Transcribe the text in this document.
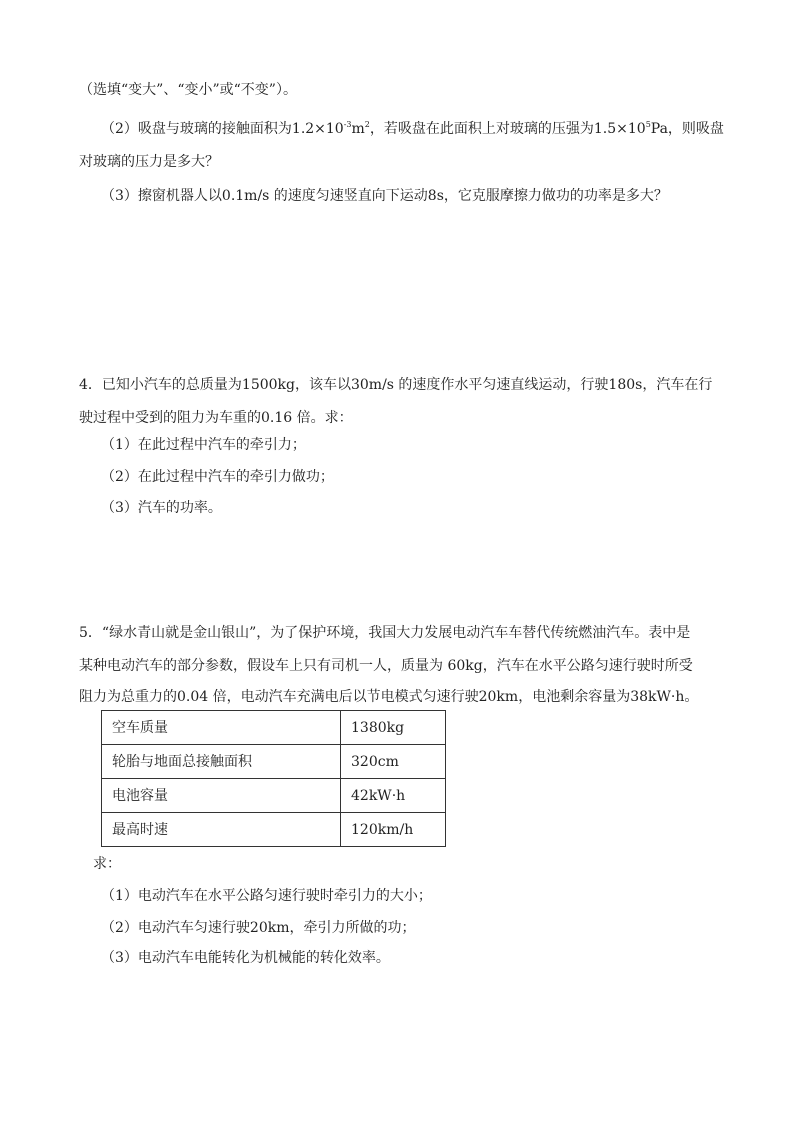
（选填“变大”、“变小”或“不变”）。
（2）吸盘与玻璃的接触面积为$1.2\times 10^{-3}m^2$，若吸盘在此面积上对玻璃的压强为$1.5\times 10^5Pa$，则吸盘
对玻璃的压力是多大？
（3）擦窗机器人以0.1m/s 的速度匀速竖直向下运动8s，它克服摩擦力做功的功率是多大？
4．已知小汽车的总质量为1500kg，该车以30m/s 的速度作水平匀速直线运动，行驶180s，汽车在行
驶过程中受到的阻力为车重的0.16 倍。求：
（1）在此过程中汽车的牵引力；
（2）在此过程中汽车的牵引力做功；
（3）汽车的功率。
5．“绿水青山就是金山银山”，为了保护环境，我国大力发展电动汽车车替代传统燃油汽车。表中是
某种电动汽车的部分参数，假设车上只有司机一人，质量为 60kg，汽车在水平公路匀速行驶时所受
阻力为总重力的0.04 倍，电动汽车充满电后以节电模式匀速行驶20km，电池剩余容量为38kW·h。
空车质量	1380kg
轮胎与地面总接触面积	320cm
电池容量	42kW·h
最高时速	120km/h
求：
（1）电动汽车在水平公路匀速行驶时牵引力的大小；
（2）电动汽车匀速行驶20km，牵引力所做的功；
（3）电动汽车电能转化为机械能的转化效率。
